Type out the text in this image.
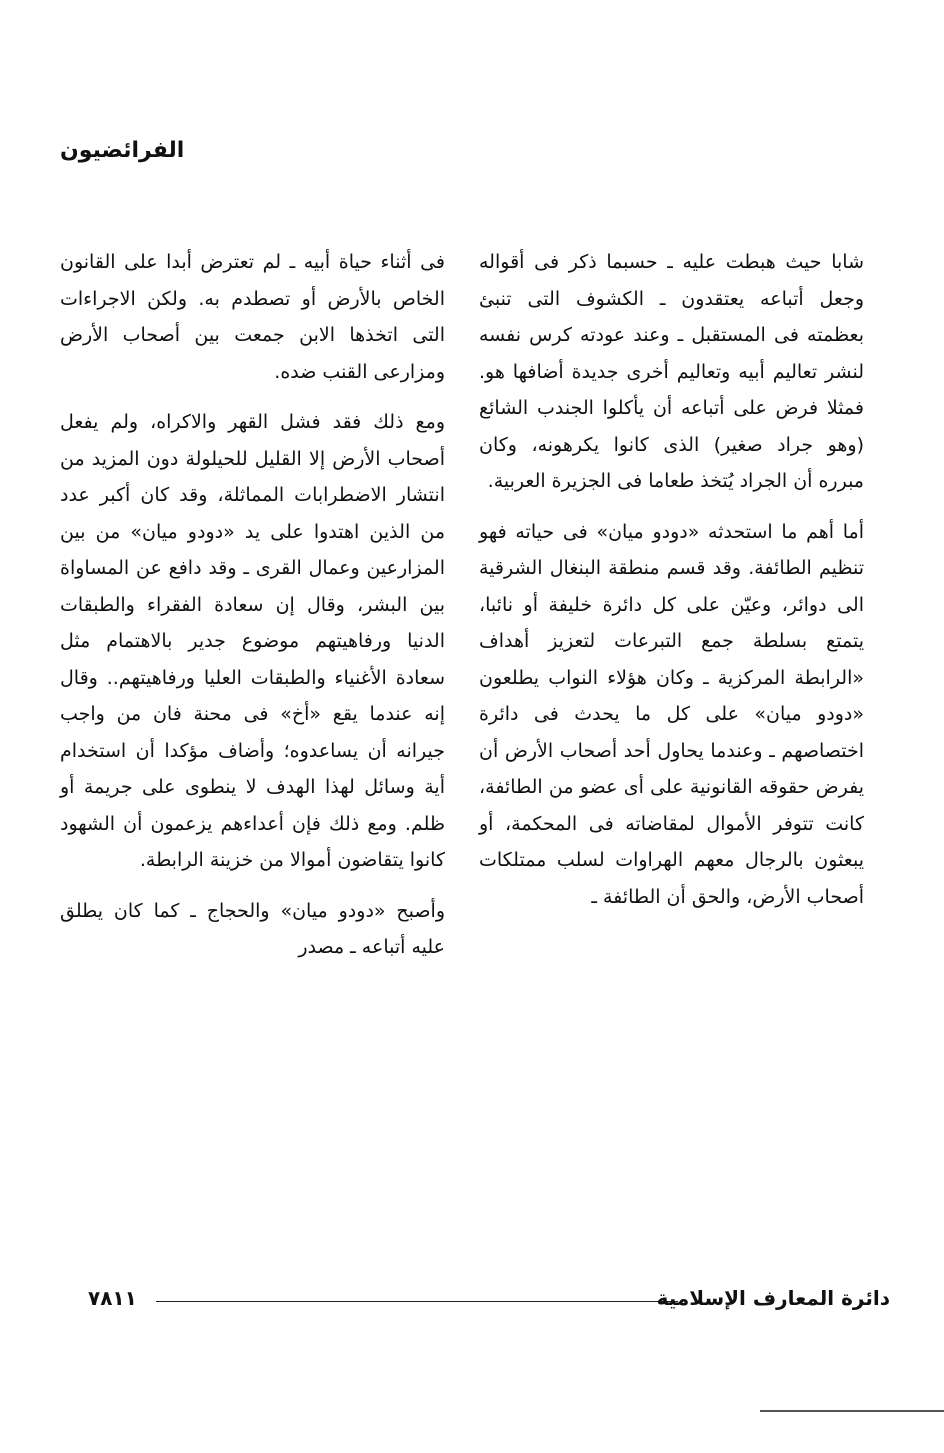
الفرائضيون

شابا حيث هبطت عليه ـ حسبما ذكر فى أقواله وجعل أتباعه يعتقدون ـ الكشوف التى تنبئ بعظمته فى المستقبل ـ وعند عودته كرس نفسه لنشر تعاليم أبيه وتعاليم أخرى جديدة أضافها هو. فمثلا فرض على أتباعه أن يأكلوا الجندب الشائع (وهو جراد صغير) الذى كانوا يكرهونه، وكان مبرره أن الجراد يُتخذ طعاما فى الجزيرة العربية.

أما أهم ما استحدثه «دودو ميان» فى حياته فهو تنظيم الطائفة. وقد قسم منطقة البنغال الشرقية الى دوائر، وعيّن على كل دائرة خليفة أو نائبا، يتمتع بسلطة جمع التبرعات لتعزيز أهداف «الرابطة المركزية ـ وكان هؤلاء النواب يطلعون «دودو ميان» على كل ما يحدث فى دائرة اختصاصهم ـ وعندما يحاول أحد أصحاب الأرض أن يفرض حقوقه القانونية على أى عضو من الطائفة، كانت تتوفر الأموال لمقاضاته فى المحكمة، أو يبعثون بالرجال معهم الهراوات لسلب ممتلكات أصحاب الأرض، والحق أن الطائفة ـ

فى أثناء حياة أبيه ـ لم تعترض أبدا على القانون الخاص بالأرض أو تصطدم به. ولكن الاجراءات التى اتخذها الابن جمعت بين أصحاب الأرض ومزارعى القنب ضده.

ومع ذلك فقد فشل القهر والاكراه، ولم يفعل أصحاب الأرض إلا القليل للحيلولة دون المزيد من انتشار الاضطرابات المماثلة، وقد كان أكبر عدد من الذين اهتدوا على يد «دودو ميان» من بين المزارعين وعمال القرى ـ وقد دافع عن المساواة بين البشر، وقال إن سعادة الفقراء والطبقات الدنيا ورفاهيتهم موضوع جدير بالاهتمام مثل سعادة الأغنياء والطبقات العليا ورفاهيتهم.. وقال إنه عندما يقع «أخ» فى محنة فان من واجب جيرانه أن يساعدوه؛ وأضاف مؤكدا أن استخدام أية وسائل لهذا الهدف لا ينطوى على جريمة أو ظلم. ومع ذلك فإن أعداءهم يزعمون أن الشهود كانوا يتقاضون أموالا من خزينة الرابطة.

وأصبح «دودو ميان» والحجاج ـ كما كان يطلق عليه أتباعه ـ مصدر

٧٨١١	دائرة المعارف الإسلامية
